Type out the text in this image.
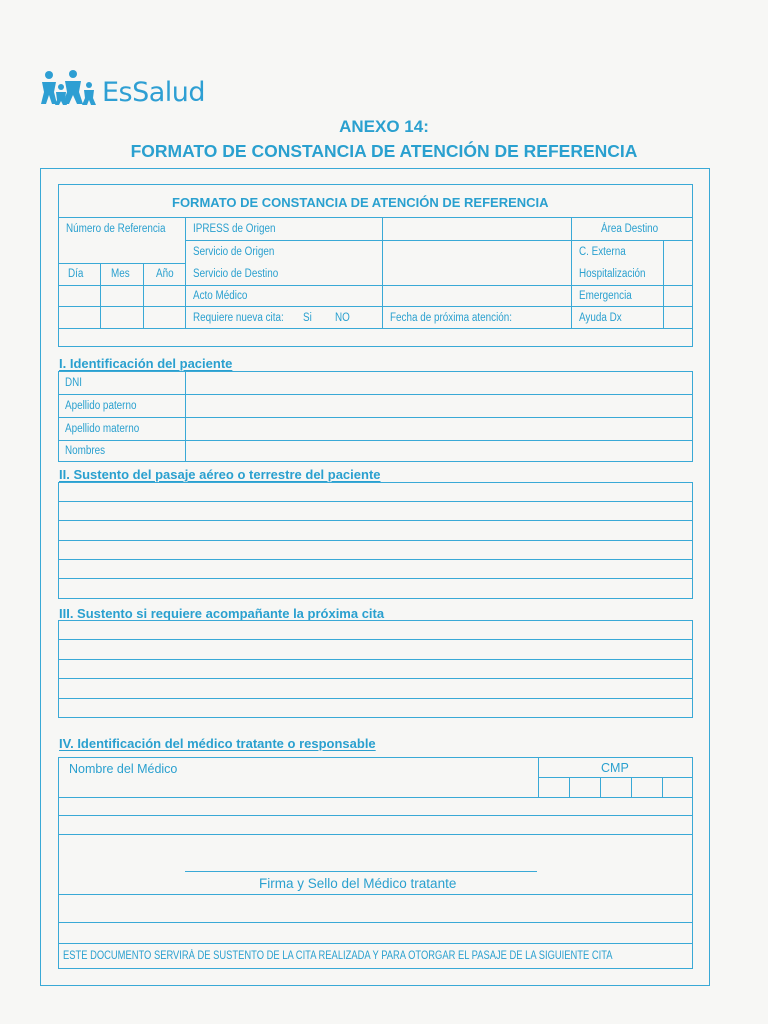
EsSalud
ANEXO 14:
FORMATO DE CONSTANCIA DE ATENCIÓN DE REFERENCIA
FORMATO DE CONSTANCIA DE ATENCIÓN DE REFERENCIA
Número de Referencia
Día Mes Año
IPRESS de Origen
Servicio de Origen
Servicio de Destino
Acto Médico
Requiere nueva cita: Si NO	Fecha de próxima atención:
Área Destino
C. Externa
Hospitalización
Emergencia
Ayuda Dx
I. Identificación del paciente
DNI
Apellido paterno
Apellido materno
Nombres
II. Sustento del pasaje aéreo o terrestre del paciente
III. Sustento si requiere acompañante la próxima cita
IV. Identificación del médico tratante o responsable
Nombre del Médico	CMP
Firma y Sello del Médico tratante
ESTE DOCUMENTO SERVIRÁ DE SUSTENTO DE LA CITA REALIZADA Y PARA OTORGAR EL PASAJE DE LA SIGUIENTE CITA
